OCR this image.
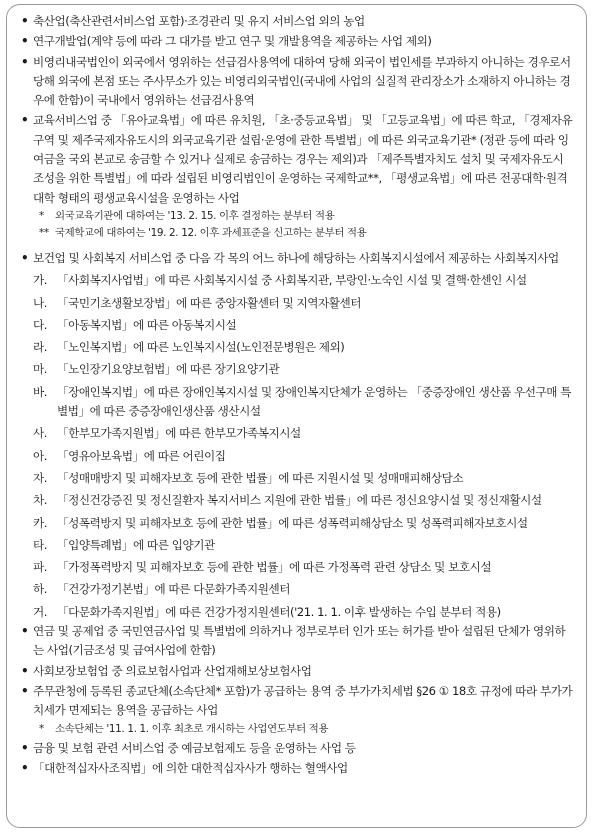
• 축산업(축산관련서비스업 포함)·조경관리 및 유지 서비스업 외의 농업
• 연구개발업(계약 등에 따라 그 대가를 받고 연구 및 개발용역을 제공하는 사업 제외)
• 비영리내국법인이 외국에서 영위하는 선급검사용역에 대하여 당해 외국이 법인세를 부과하지 아니하는 경우로서 당해 외국에 본점 또는 주사무소가 있는 비영리외국법인(국내에 사업의 실질적 관리장소가 소재하지 아니하는 경우에 한함)이 국내에서 영위하는 선급검사용역
• 교육서비스업 중 「유아교육법」에 따른 유치원, 「초·중등교육법」 및 「고등교육법」에 따른 학교, 「경제자유구역 및 제주국제자유도시의 외국교육기관 설립·운영에 관한 특별법」에 따른 외국교육기관* (정관 등에 따라 잉여금을 국외 본교로 송금할 수 있거나 실제로 송금하는 경우는 제외)과 「제주특별자치도 설치 및 국제자유도시 조성을 위한 특별법」에 따라 설립된 비영리법인이 운영하는 국제학교**, 「평생교육법」에 따른 전공대학·원격대학 형태의 평생교육시설을 운영하는 사업
* 외국교육기관에 대하여는 '13. 2. 15. 이후 결정하는 분부터 적용
** 국제학교에 대하여는 '19. 2. 12. 이후 과세표준을 신고하는 분부터 적용
• 보건업 및 사회복지 서비스업 중 다음 각 목의 어느 하나에 해당하는 사회복지시설에서 제공하는 사회복지사업
가. 「사회복지사업법」에 따른 사회복지시설 중 사회복지관, 부랑인·노숙인 시설 및 결핵·한센인 시설
나. 「국민기초생활보장법」에 따른 중앙자활센터 및 지역자활센터
다. 「아동복지법」에 따른 아동복지시설
라. 「노인복지법」에 따른 노인복지시설(노인전문병원은 제외)
마. 「노인장기요양보험법」에 따른 장기요양기관
바. 「장애인복지법」에 따른 장애인복지시설 및 장애인복지단체가 운영하는 「중증장애인 생산품 우선구매 특별법」에 따른 중증장애인생산품 생산시설
사. 「한부모가족지원법」에 따른 한부모가족복지시설
아. 「영유아보육법」에 따른 어린이집
자. 「성매매방지 및 피해자보호 등에 관한 법률」에 따른 지원시설 및 성매매피해상담소
차. 「정신건강증진 및 정신질환자 복지서비스 지원에 관한 법률」에 따른 정신요양시설 및 정신재활시설
카. 「성폭력방지 및 피해자보호 등에 관한 법률」에 따른 성폭력피해상담소 및 성폭력피해자보호시설
타. 「입양특례법」에 따른 입양기관
파. 「가정폭력방지 및 피해자보호 등에 관한 법률」에 따른 가정폭력 관련 상담소 및 보호시설
하. 「건강가정기본법」에 따른 다문화가족지원센터
거. 「다문화가족지원법」에 따른 건강가정지원센터('21. 1. 1. 이후 발생하는 수입 분부터 적용)
• 연금 및 공제업 중 국민연금사업 및 특별법에 의하거나 정부로부터 인가 또는 허가를 받아 설립된 단체가 영위하는 사업(기금조성 및 급여사업에 한함)
• 사회보장보험업 중 의료보험사업과 산업재해보상보험사업
• 주무관청에 등록된 종교단체(소속단체* 포함)가 공급하는 용역 중 부가가치세법 §26 ① 18호 규정에 따라 부가가치세가 면제되는 용역을 공급하는 사업
* 소속단체는 '11. 1. 1. 이후 최초로 개시하는 사업연도부터 적용
• 금융 및 보험 관련 서비스업 중 예금보험제도 등을 운영하는 사업 등
• 「대한적십자사조직법」에 의한 대한적십자사가 행하는 혈액사업
